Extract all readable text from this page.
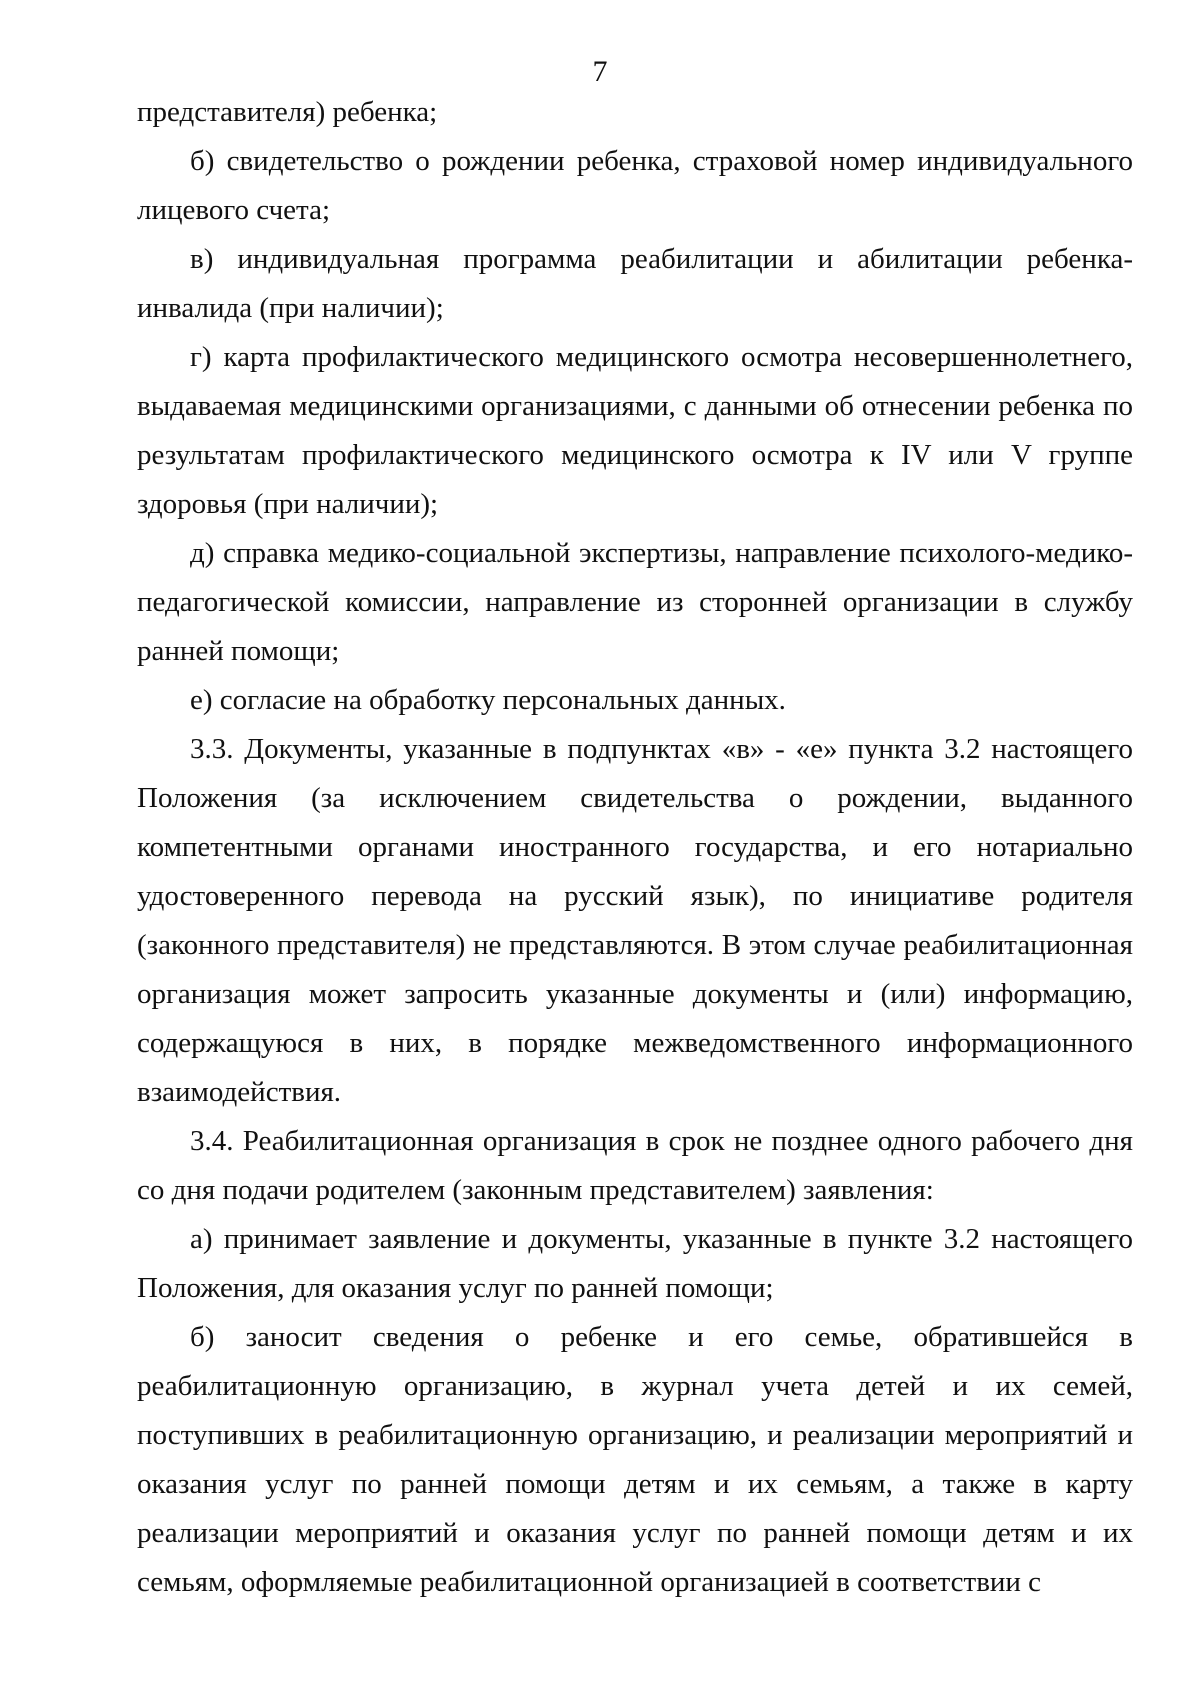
7

представителя) ребенка;

б) свидетельство о рождении ребенка, страховой номер индивидуального лицевого счета;

в) индивидуальная программа реабилитации и абилитации ребенка-инвалида (при наличии);

г) карта профилактического медицинского осмотра несовершеннолетнего, выдаваемая медицинскими организациями, с данными об отнесении ребенка по результатам профилактического медицинского осмотра к IV или V группе здоровья (при наличии);

д) справка медико-социальной экспертизы, направление психолого-медико-педагогической комиссии, направление из сторонней организации в службу ранней помощи;

е) согласие на обработку персональных данных.

3.3. Документы, указанные в подпунктах «в» - «е» пункта 3.2 настоящего Положения (за исключением свидетельства о рождении, выданного компетентными органами иностранного государства, и его нотариально удостоверенного перевода на русский язык), по инициативе родителя (законного представителя) не представляются. В этом случае реабилитационная организация может запросить указанные документы и (или) информацию, содержащуюся в них, в порядке межведомственного информационного взаимодействия.

3.4. Реабилитационная организация в срок не позднее одного рабочего дня со дня подачи родителем (законным представителем) заявления:

а) принимает заявление и документы, указанные в пункте 3.2 настоящего Положения, для оказания услуг по ранней помощи;

б) заносит сведения о ребенке и его семье, обратившейся в реабилитационную организацию, в журнал учета детей и их семей, поступивших в реабилитационную организацию, и реализации мероприятий и оказания услуг по ранней помощи детям и их семьям, а также в карту реализации мероприятий и оказания услуг по ранней помощи детям и их семьям, оформляемые реабилитационной организацией в соответствии с
